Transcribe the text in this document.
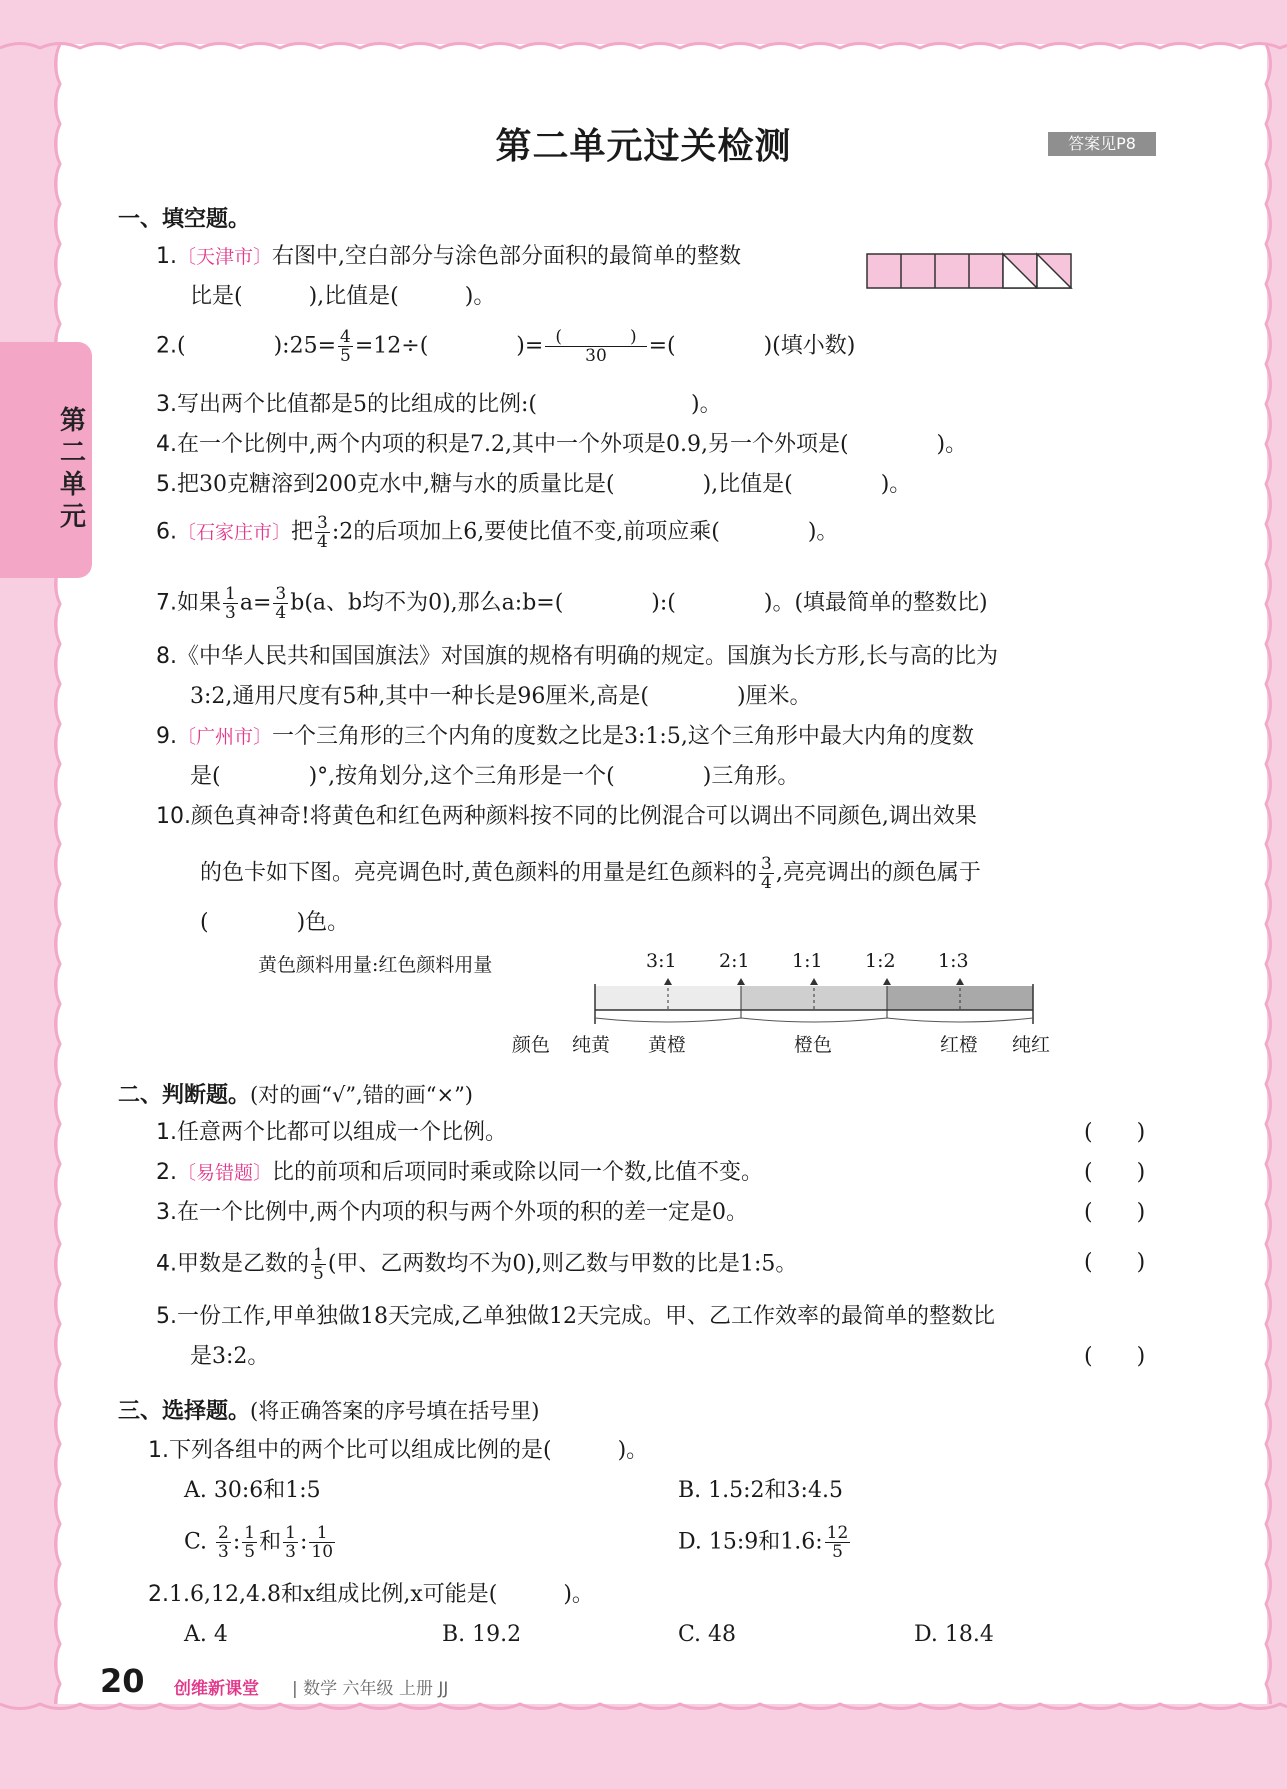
第
二
单
元
第二单元过关检测	答案见P8
一、填空题。
1.〔天津市〕右图中,空白部分与涂色部分面积的最简单的整数
比是(　　　),比值是(　　　)。
2.(　　　　):25= $\frac{4}{5} =12\div$(　　　　)= (　　　　)
30	=(　　　　)(填小数)
3.写出两个比值都是5的比组成的比例:(　　　　　　　)。
4.在一个比例中,两个内项的积是7.2,其中一个外项是0.9,另一个外项是(　　　　)。
5.把30克糖溶到200克水中,糖与水的质量比是(　　　　),比值是(　　　　)。
6.〔石家庄市〕把 $\frac{3}{4}$ :2的后项加上6,要使比值不变,前项应乘(　　　　)。
7.如果 $\frac{1}{3} a= \frac{3}{4} b(a$、b均不为0),那么a:b=(　　　　):(　　　　)。(填最简单的整数比)
8.《中华人民共和国国旗法》对国旗的规格有明确的规定。国旗为长方形,长与高的比为
3:2,通用尺度有5种,其中一种长是96厘米,高是(　　　　)厘米。
9.〔广州市〕一个三角形的三个内角的度数之比是3:1:5,这个三角形中最大内角的度数
是(　　　　)°,按角划分,这个三角形是一个(　　　　)三角形。
10.颜色真神奇!将黄色和红色两种颜料按不同的比例混合可以调出不同颜色,调出效果
的色卡如下图。亮亮调色时,黄色颜料的用量是红色颜料的 $\frac{3}{4}$ ,亮亮调出的颜色属于
(　　　　)色。
黄色颜料用量:红色颜料用量
颜色
3:1 2:1 1:1 1:2 1:3
纯黄 黄橙	橙色	红橙 纯红
二、判断题。(对的画“√”,错的画“×”)
1.任意两个比都可以组成一个比例。	(　　)
2.〔易错题〕比的前项和后项同时乘或除以同一个数,比值不变。	(　　)
3.在一个比例中,两个内项的积与两个外项的积的差一定是0。	(　　)
4.甲数是乙数的 $\frac{1}{5}$ (甲、乙两数均不为0),则乙数与甲数的比是1:5。	(　　)
5.一份工作,甲单独做18天完成,乙单独做12天完成。甲、乙工作效率的最简单的整数比
是3:2。	(　　)
三、选择题。(将正确答案的序号填在括号里)
1.下列各组中的两个比可以组成比例的是(　　　)。
A. 30:6和1:5	B. 1.5:2和3:4.5
C. $\frac{2}{3}$ : $\frac{1}{5}$ 和 $\frac{1}{3}$ : $\frac{1}{10}$	D. 15:9和1.6: $\frac{12}{5}$
2.1.6,12,4.8和x组成比例,x可能是(　　　)。
A. 4	B. 19.2	C. 48	D. 18.4
20 创维新课堂 | 数学 六年级 上册 JJ
